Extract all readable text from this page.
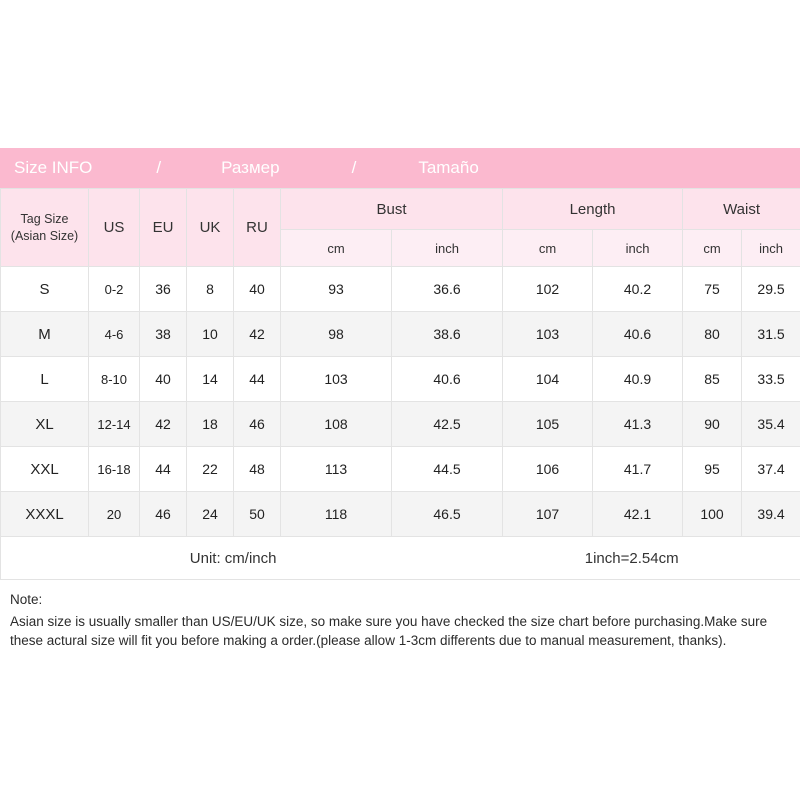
Size INFO	/	Размер	/	Tamaño
Tag Size
(Asian Size)	US	EU	UK	RU	Bust		Length		Waist	
					cm	inch	cm	inch	cm	inch
S	0-2	36	8	40	93	36.6	102	40.2	75	29.5
M	4-6	38	10	42	98	38.6	103	40.6	80	31.5
L	8-10	40	14	44	103	40.6	104	40.9	85	33.5
XL	12-14	42	18	46	108	42.5	105	41.3	90	35.4
XXL	16-18	44	22	48	113	44.5	106	41.7	95	37.4
XXXL	20	46	24	50	118	46.5	107	42.1	100	39.4

Unit: cm/inch 1inch=2.54cm										
Note:
Asian size is usually smaller than US/EU/UK size, so make sure you have checked the size chart before purchasing.Make sure these actural size will fit you before making a order.(please allow 1-3cm differents due to manual measurement, thanks).
